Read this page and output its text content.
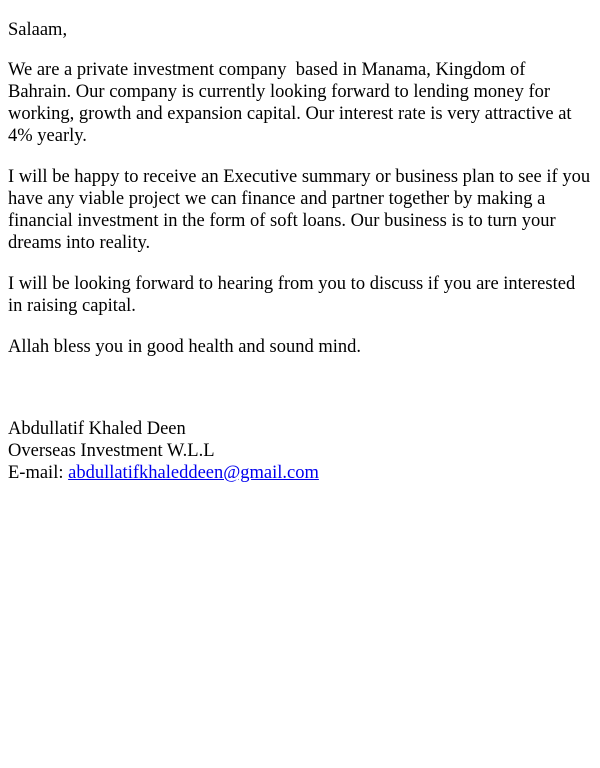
Salaam,

We are a private investment company  based in Manama, Kingdom of Bahrain. Our company is currently looking forward to lending money for working, growth and expansion capital. Our interest rate is very attractive at 4% yearly.

I will be happy to receive an Executive summary or business plan to see if you have any viable project we can finance and partner together by making a financial investment in the form of soft loans. Our business is to turn your dreams into reality.

I will be looking forward to hearing from you to discuss if you are interested in raising capital.

Allah bless you in good health and sound mind.

Abdullatif Khaled Deen
Overseas Investment W.L.L
E-mail: abdullatifkhaleddeen@gmail.com
